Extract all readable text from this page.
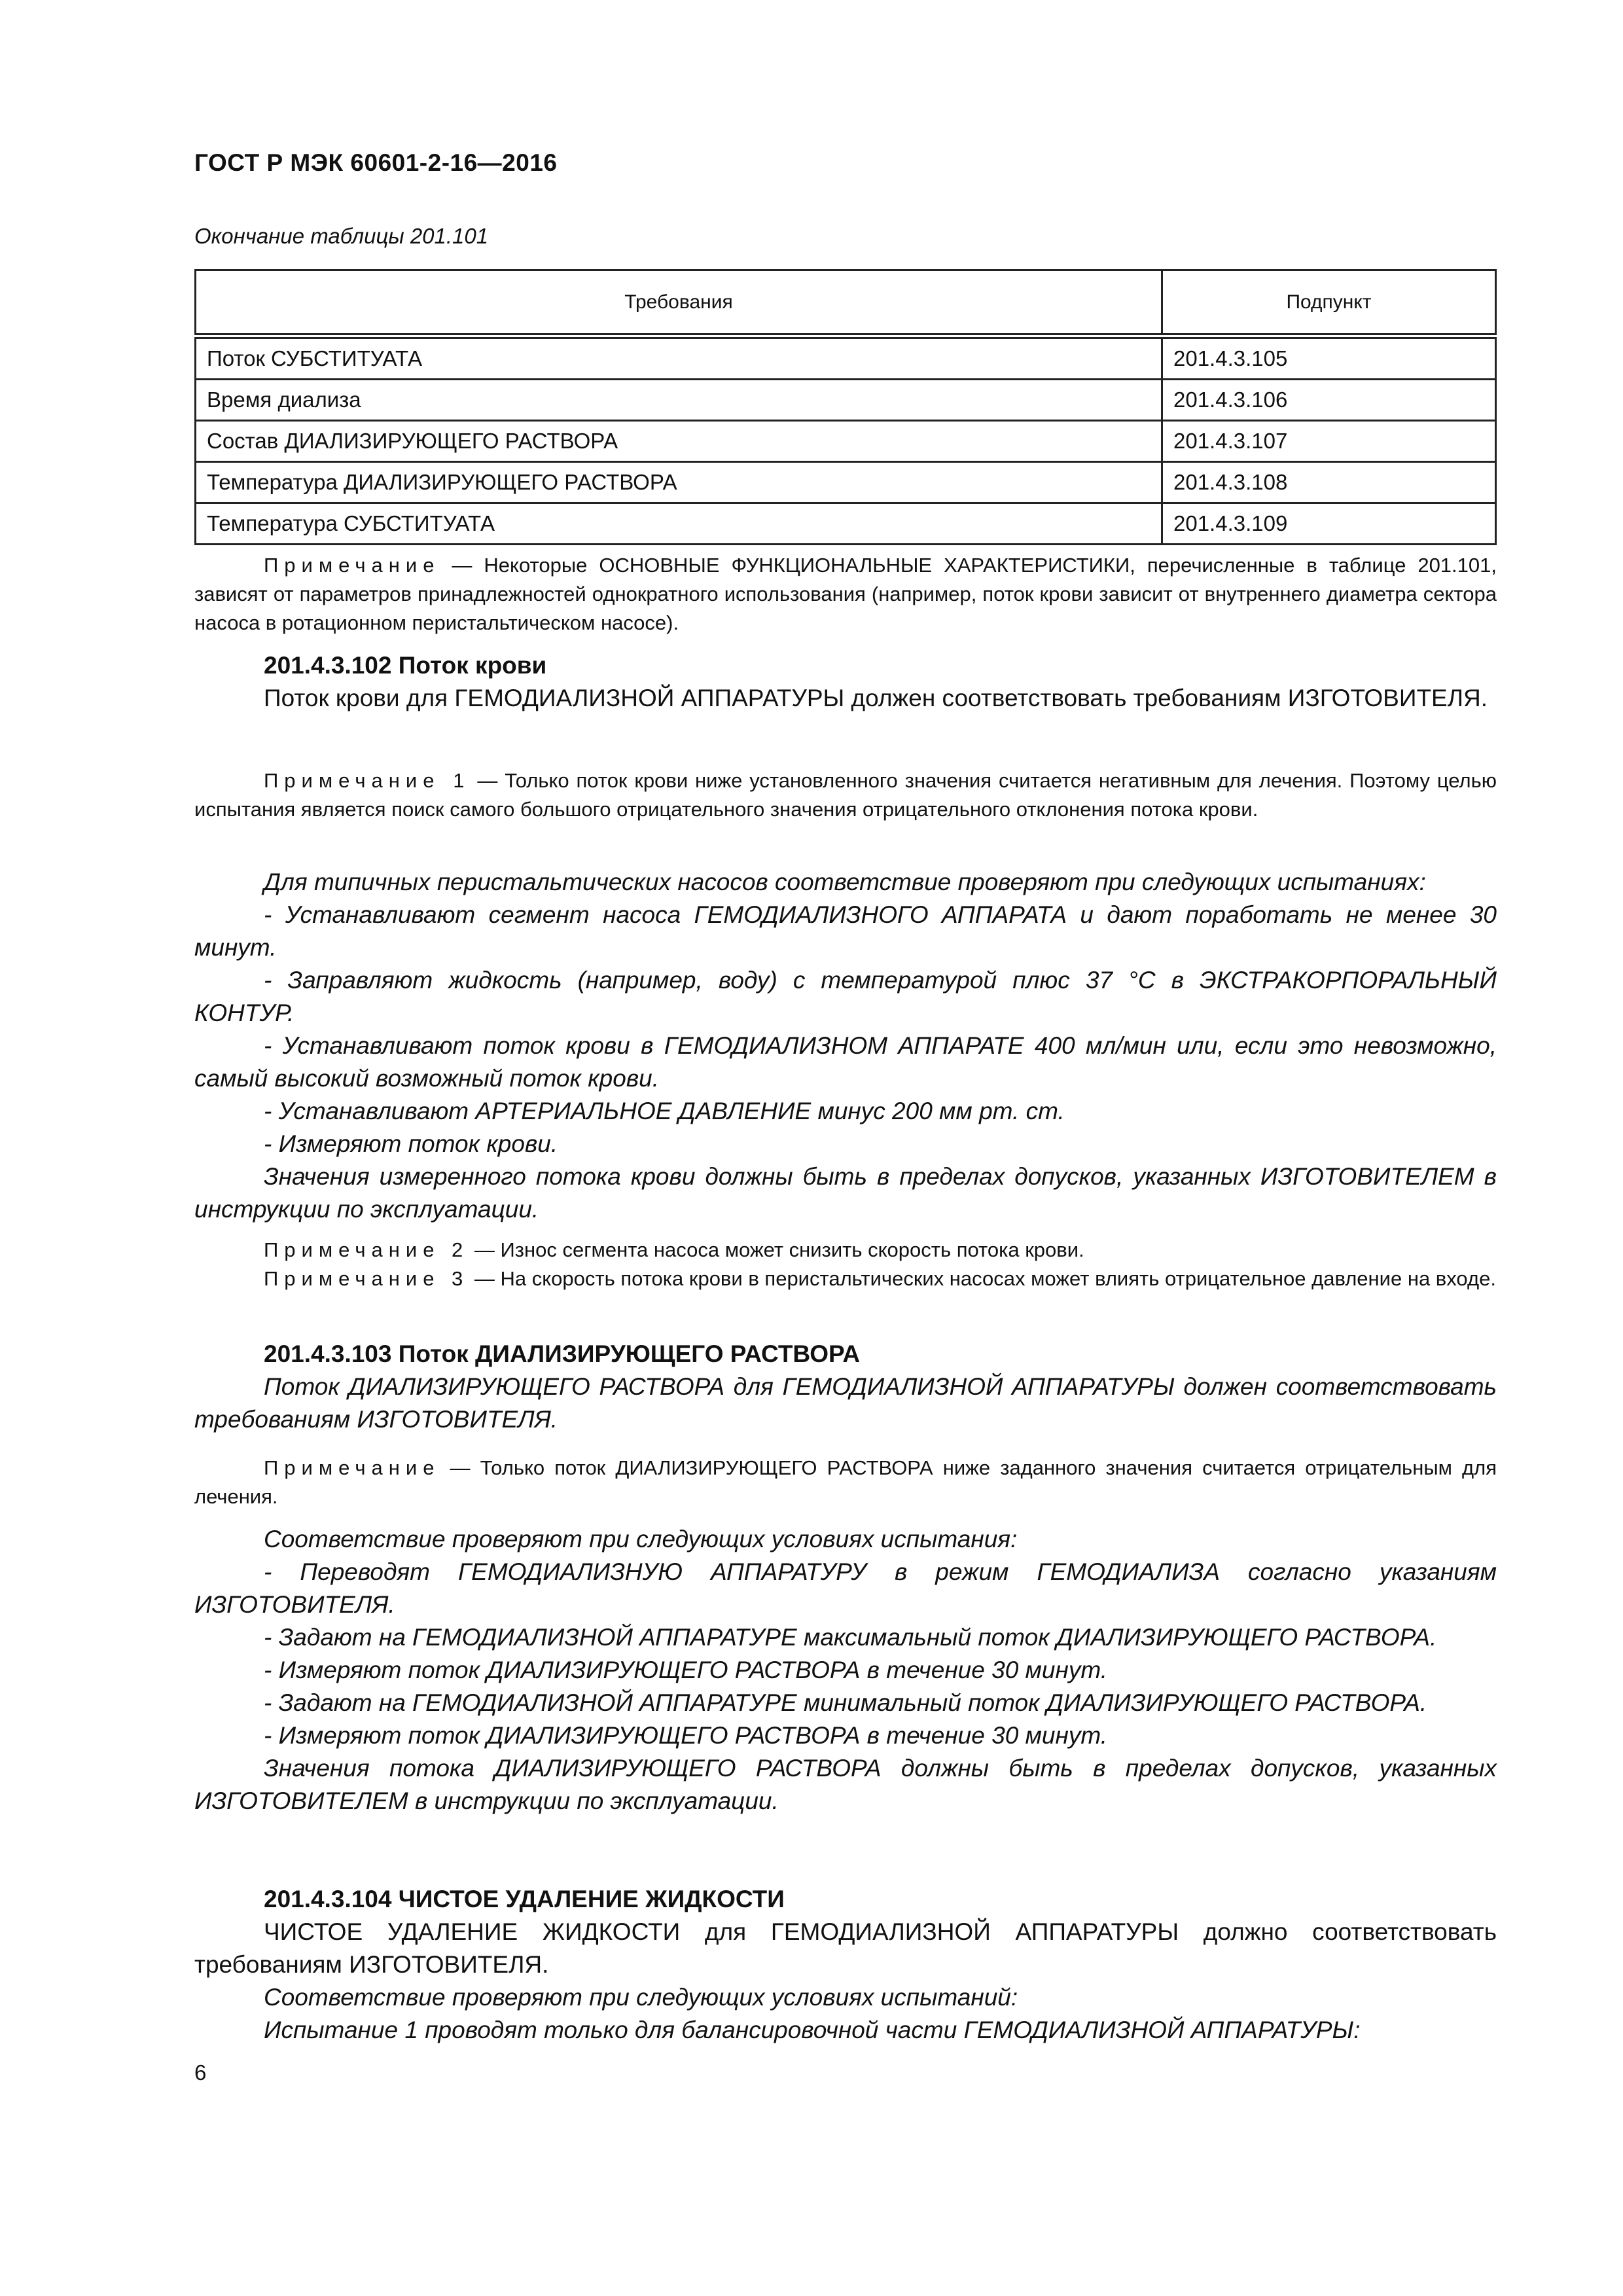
ГОСТ Р МЭК 60601-2-16—2016
Окончание таблицы 201.101
Требования	Подпункт
Поток СУБСТИТУАТА	201.4.3.105
Время диализа	201.4.3.106
Состав ДИАЛИЗИРУЮЩЕГО РАСТВОРА	201.4.3.107
Температура ДИАЛИЗИРУЮЩЕГО РАСТВОРА	201.4.3.108
Температура СУБСТИТУАТА	201.4.3.109

Примечание — Некоторые ОСНОВНЫЕ ФУНКЦИОНАЛЬНЫЕ ХАРАКТЕРИСТИКИ, перечисленные в таблице 201.101, зависят от параметров принадлежностей однократного использования (например, поток крови зависит от внутреннего диаметра сектора насоса в ротационном перистальтическом насосе).

201.4.3.102 Поток крови

Поток крови для ГЕМОДИАЛИЗНОЙ АППАРАТУРЫ должен соответствовать требованиям ИЗГОТОВИТЕЛЯ.

Примечание 1 — Только поток крови ниже установленного значения считается негативным для лечения. Поэтому целью испытания является поиск самого большого отрицательного значения отрицательного отклонения потока крови.

Для типичных перистальтических насосов соответствие проверяют при следующих испытаниях:

- Устанавливают сегмент насоса ГЕМОДИАЛИЗНОГО АППАРАТА и дают поработать не менее 30 минут.

- Заправляют жидкость (например, воду) с температурой плюс 37 °С в ЭКСТРАКОРПОРАЛЬНЫЙ КОНТУР.

- Устанавливают поток крови в ГЕМОДИАЛИЗНОМ АППАРАТЕ 400 мл/мин или, если это невозможно, самый высокий возможный поток крови.

- Устанавливают АРТЕРИАЛЬНОЕ ДАВЛЕНИЕ минус 200 мм рт. ст.

- Измеряют поток крови.

Значения измеренного потока крови должны быть в пределах допусков, указанных ИЗГОТОВИТЕЛЕМ в инструкции по эксплуатации.

Примечание 2 — Износ сегмента насоса может снизить скорость потока крови.

Примечание 3 — На скорость потока крови в перистальтических насосах может влиять отрицательное давление на входе.

201.4.3.103 Поток ДИАЛИЗИРУЮЩЕГО РАСТВОРА

Поток ДИАЛИЗИРУЮЩЕГО РАСТВОРА для ГЕМОДИАЛИЗНОЙ АППАРАТУРЫ должен соответствовать требованиям ИЗГОТОВИТЕЛЯ.

Примечание — Только поток ДИАЛИЗИРУЮЩЕГО РАСТВОРА ниже заданного значения считается отрицательным для лечения.

Соответствие проверяют при следующих условиях испытания:

- Переводят ГЕМОДИАЛИЗНУЮ АППАРАТУРУ в режим ГЕМОДИАЛИЗА согласно указаниям ИЗГОТОВИТЕЛЯ.

- Задают на ГЕМОДИАЛИЗНОЙ АППАРАТУРЕ максимальный поток ДИАЛИЗИРУЮЩЕГО РАСТВОРА.

- Измеряют поток ДИАЛИЗИРУЮЩЕГО РАСТВОРА в течение 30 минут.

- Задают на ГЕМОДИАЛИЗНОЙ АППАРАТУРЕ минимальный поток ДИАЛИЗИРУЮЩЕГО РАСТВОРА.

- Измеряют поток ДИАЛИЗИРУЮЩЕГО РАСТВОРА в течение 30 минут.

Значения потока ДИАЛИЗИРУЮЩЕГО РАСТВОРА должны быть в пределах допусков, указанных ИЗГОТОВИТЕЛЕМ в инструкции по эксплуатации.

201.4.3.104 ЧИСТОЕ УДАЛЕНИЕ ЖИДКОСТИ

ЧИСТОЕ УДАЛЕНИЕ ЖИДКОСТИ для ГЕМОДИАЛИЗНОЙ АППАРАТУРЫ должно соответствовать требованиям ИЗГОТОВИТЕЛЯ.

Соответствие проверяют при следующих условиях испытаний:

Испытание 1 проводят только для балансировочной части ГЕМОДИАЛИЗНОЙ АППАРАТУРЫ:

6
